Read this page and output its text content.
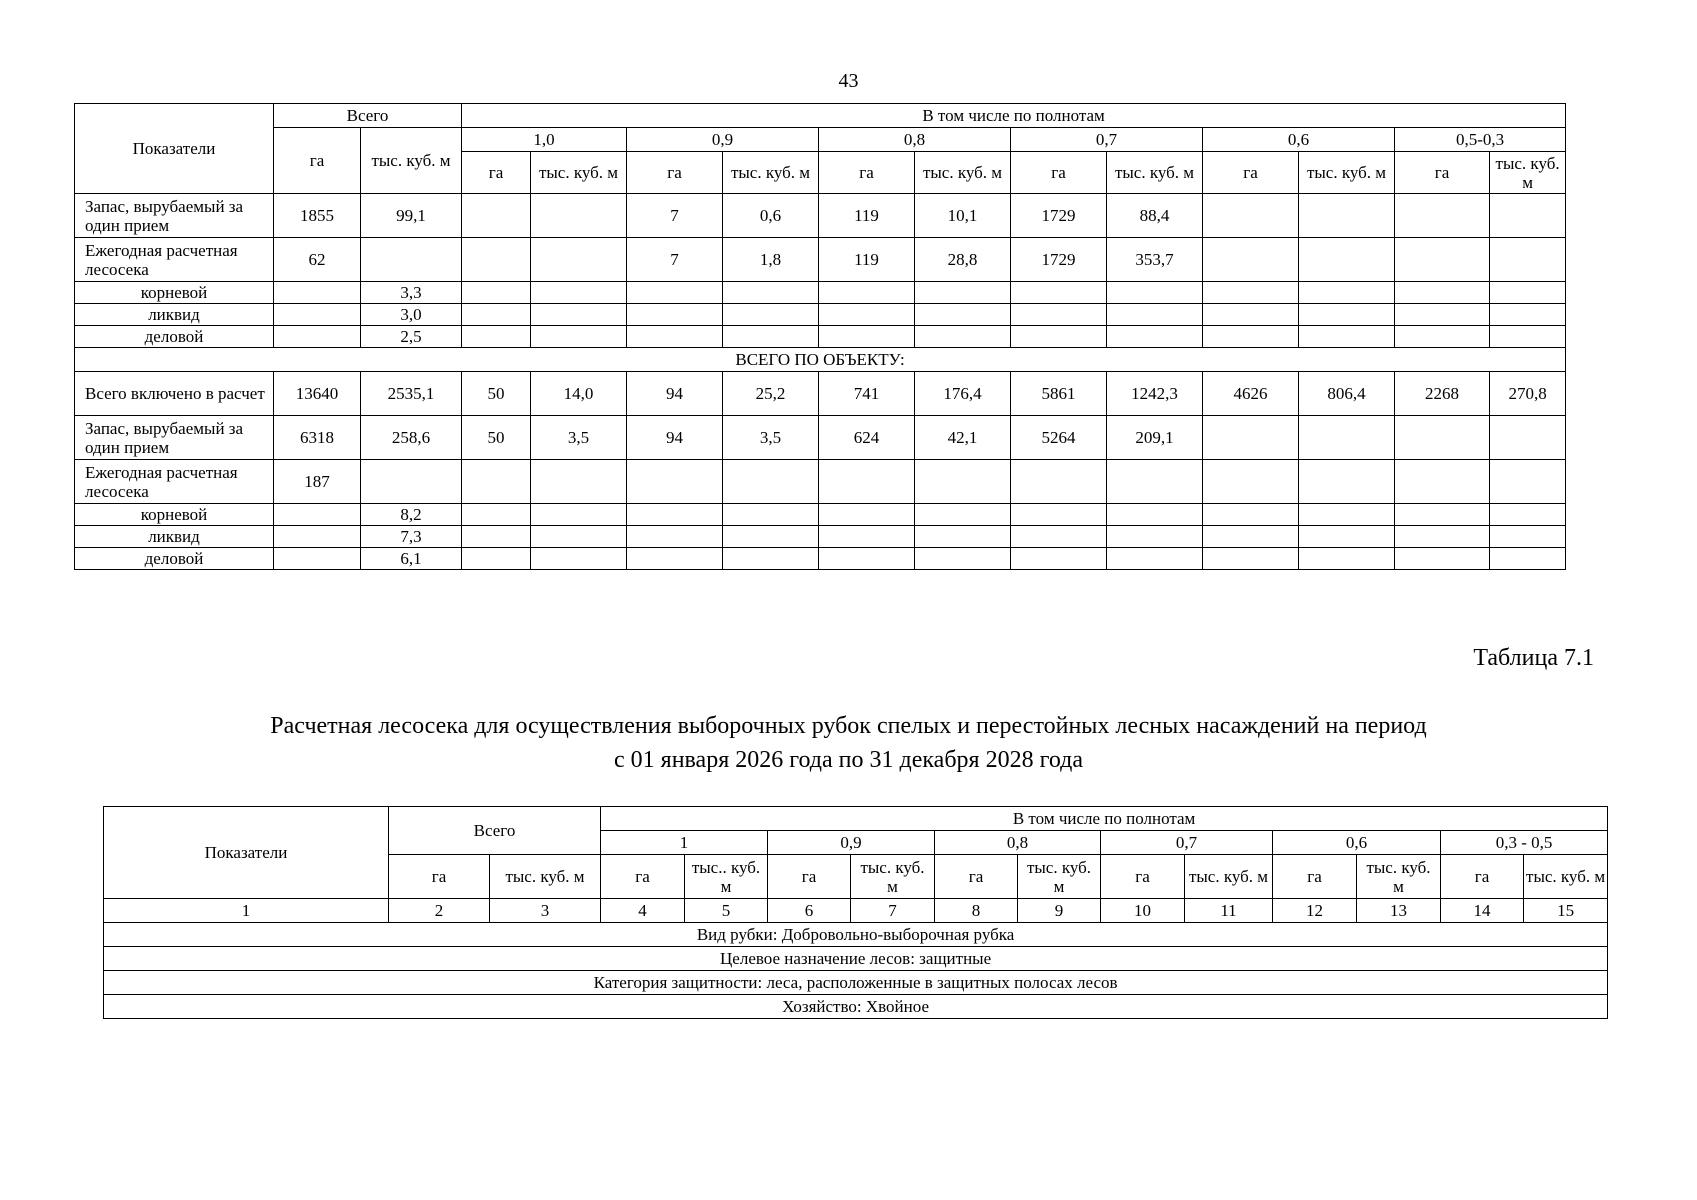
43
Показатели	Всего		В том числе по полнотам											
	га	тыс. куб. м	1,0		0,9		0,8		0,7		0,6		0,5-0,3	
			га	тыс. куб. м	га	тыс. куб. м	га	тыс. куб. м	га	тыс. куб. м	га	тыс. куб. м	га	тыс. куб. м
Запас, вырубаемый за один прием	1855	99,1			7	0,6	119	10,1	1729	88,4				
Ежегодная расчетная лесосека	62				7	1,8	119	28,8	1729	353,7				
корневой		3,3												
ликвид		3,0												
деловой		2,5												
ВСЕГО ПО ОБЪЕКТУ:														
Всего включено в расчет	13640	2535,1	50	14,0	94	25,2	741	176,4	5861	1242,3	4626	806,4	2268	270,8
Запас, вырубаемый за один прием	6318	258,6	50	3,5	94	3,5	624	42,1	5264	209,1				
Ежегодная расчетная лесосека	187													
корневой		8,2												
ликвид		7,3												
деловой		6,1												
Таблица 7.1
Расчетная лесосека для осуществления выборочных рубок спелых и перестойных лесных насаждений на период
с 01 января 2026 года по 31 декабря 2028 года
Показатели	Всего		В том числе по полнотам											
			1		0,9		0,8		0,7		0,6		0,3 - 0,5	
	га	тыс. куб. м	га	тыс.. куб. м	га	тыс. куб. м	га	тыс. куб. м	га	тыс. куб. м	га	тыс. куб. м	га	тыс. куб. м
1	2	3	4	5	6	7	8	9	10	11	12	13	14	15
Вид рубки: Добровольно-выборочная рубка														
Целевое назначение лесов: защитные														
Категория защитности: леса, расположенные в защитных полосах лесов														
Хозяйство: Хвойное														
